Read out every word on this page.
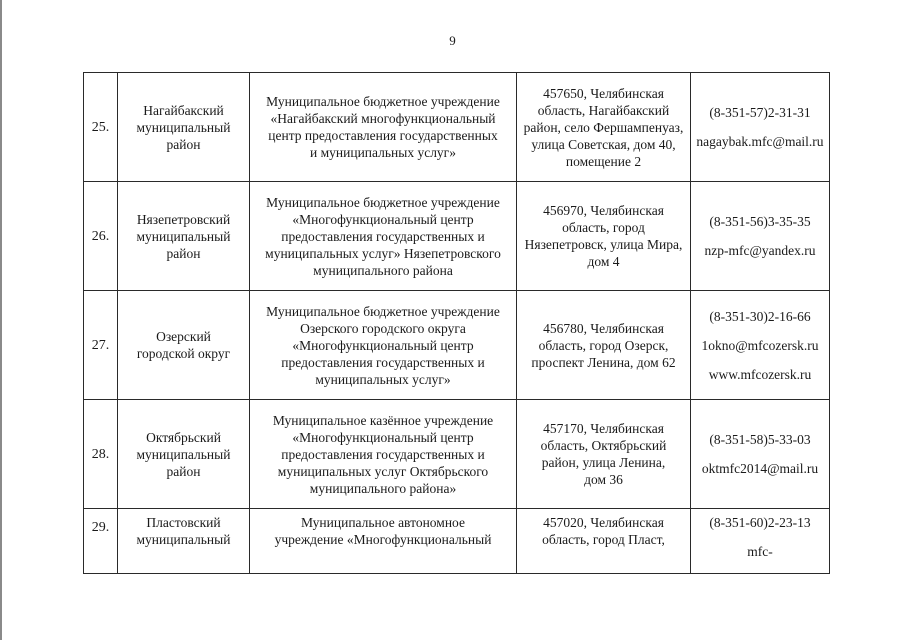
9
25.	Нагайбакский
муниципальный
район	Муниципальное бюджетное учреждение
«Нагайбакский многофункциональный
центр предоставления государственных
и муниципальных услуг»	457650, Челябинская
область, Нагайбакский
район, село Фершампенуаз,
улица Советская, дом 40,
помещение 2	(8-351-57)2-31-31
nagaybak.mfc@mail.ru

26.	Нязепетровский
муниципальный
район	Муниципальное бюджетное учреждение
«Многофункциональный центр
предоставления государственных и
муниципальных услуг» Нязепетровского
муниципального района	456970, Челябинская
область, город
Нязепетровск, улица Мира,
дом 4	(8-351-56)3-35-35
nzp-mfc@yandex.ru

27.	Озерский
городской округ	Муниципальное бюджетное учреждение
Озерского городского округа
«Многофункциональный центр
предоставления государственных и
муниципальных услуг»	456780, Челябинская
область, город Озерск,
проспект Ленина, дом 62	(8-351-30)2-16-66
1okno@mfcozersk.ru
www.mfcozersk.ru

28.	Октябрьский
муниципальный
район	Муниципальное казённое учреждение
«Многофункциональный центр
предоставления государственных и
муниципальных услуг Октябрьского
муниципального района»	457170, Челябинская
область, Октябрьский
район, улица Ленина,
дом 36	(8-351-58)5-33-03
oktmfc2014@mail.ru

29.	Пластовский
муниципальный	Муниципальное автономное
учреждение «Многофункциональный	457020, Челябинская
область, город Пласт,	(8-351-60)2-23-13
mfc-
